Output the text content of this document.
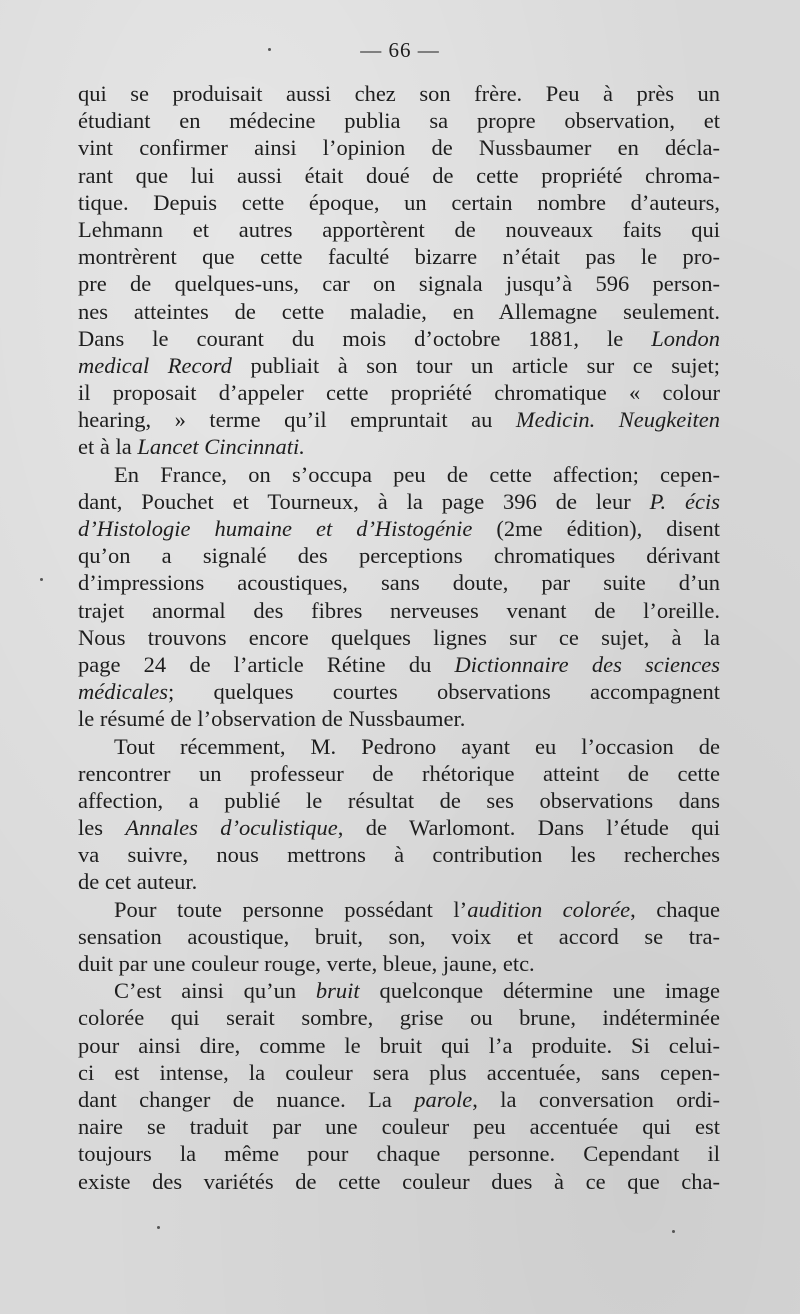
— 66 —
qui se produisait aussi chez son frère. Peu à près un
étudiant en médecine publia sa propre observation, et
vint confirmer ainsi l’opinion de Nussbaumer en décla-
rant que lui aussi était doué de cette propriété chroma-
tique. Depuis cette époque, un certain nombre d’auteurs,
Lehmann et autres apportèrent de nouveaux faits qui
montrèrent que cette faculté bizarre n’était pas le pro-
pre de quelques-uns, car on signala jusqu’à 596 person-
nes atteintes de cette maladie, en Allemagne seulement.
Dans le courant du mois d’octobre 1881, le London
medical Record publiait à son tour un article sur ce sujet;
il proposait d’appeler cette propriété chromatique « colour
hearing, » terme qu’il empruntait au Medicin. Neugkeiten
et à la Lancet Cincinnati.
En France, on s’occupa peu de cette affection; cepen-
dant, Pouchet et Tourneux, à la page 396 de leur P. écis
d’Histologie humaine et d’Histogénie (2me édition), disent
qu’on a signalé des perceptions chromatiques dérivant
d’impressions acoustiques, sans doute, par suite d’un
trajet anormal des fibres nerveuses venant de l’oreille.
Nous trouvons encore quelques lignes sur ce sujet, à la
page 24 de l’article Rétine du Dictionnaire des sciences
médicales; quelques courtes observations accompagnent
le résumé de l’observation de Nussbaumer.
Tout récemment, M. Pedrono ayant eu l’occasion de
rencontrer un professeur de rhétorique atteint de cette
affection, a publié le résultat de ses observations dans
les Annales d’oculistique, de Warlomont. Dans l’étude qui
va suivre, nous mettrons à contribution les recherches
de cet auteur.
Pour toute personne possédant l’audition colorée, chaque
sensation acoustique, bruit, son, voix et accord se tra-
duit par une couleur rouge, verte, bleue, jaune, etc.
C’est ainsi qu’un bruit quelconque détermine une image
colorée qui serait sombre, grise ou brune, indéterminée
pour ainsi dire, comme le bruit qui l’a produite. Si celui-
ci est intense, la couleur sera plus accentuée, sans cepen-
dant changer de nuance. La parole, la conversation ordi-
naire se traduit par une couleur peu accentuée qui est
toujours la même pour chaque personne. Cependant il
existe des variétés de cette couleur dues à ce que cha-
